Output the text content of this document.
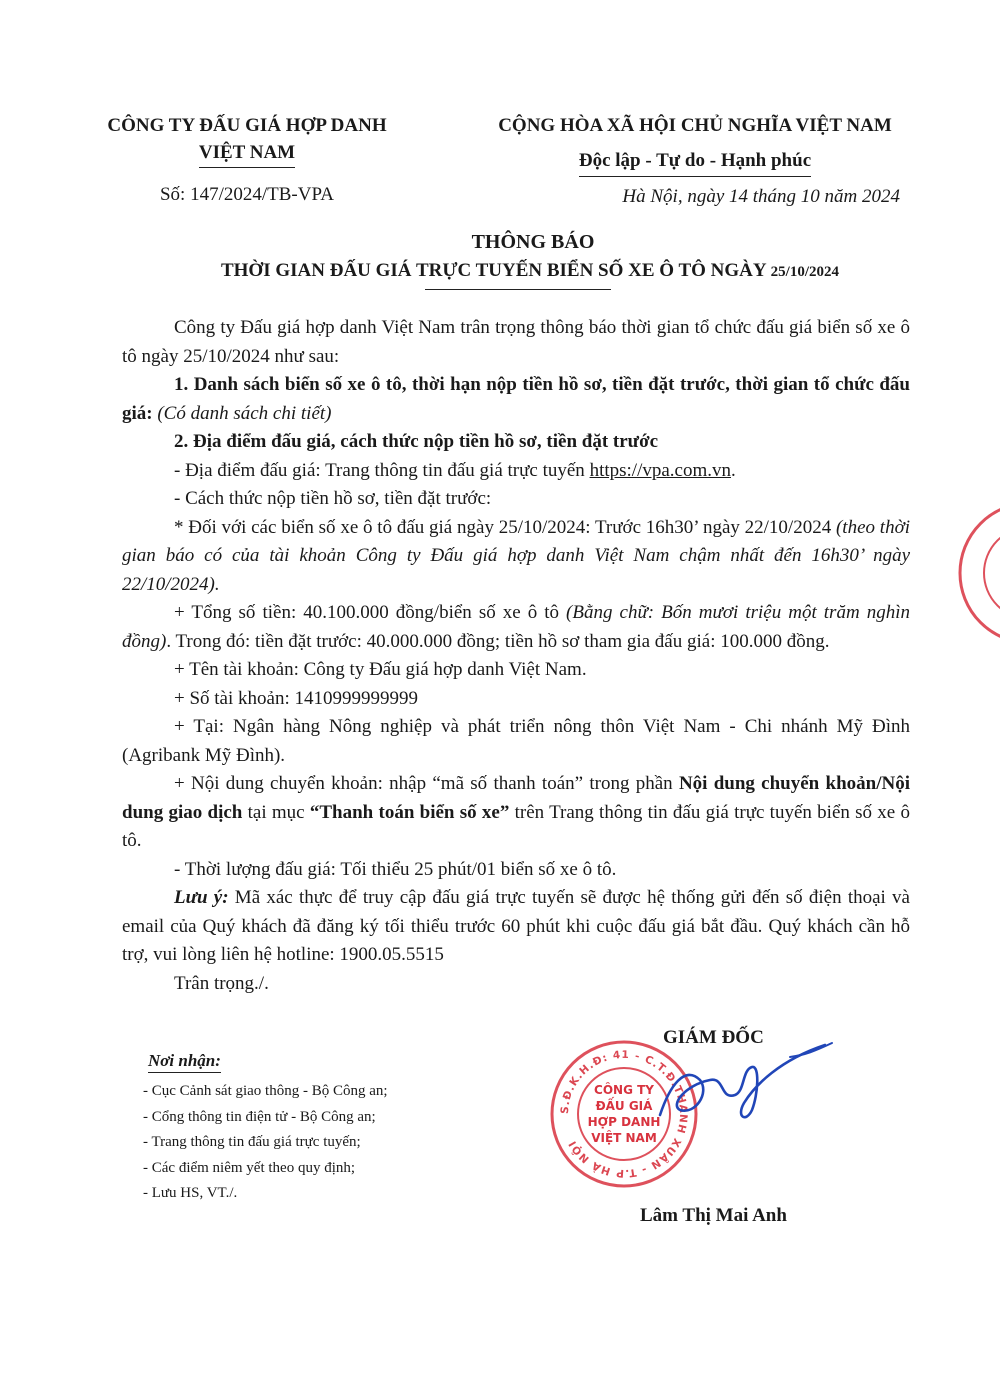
CÔNG TY ĐẤU GIÁ HỢP DANH
VIỆT NAM
CỘNG HÒA XÃ HỘI CHỦ NGHĨA VIỆT NAM
Độc lập - Tự do - Hạnh phúc
Số: 147/2024/TB-VPA	Hà Nội, ngày 14 tháng 10 năm 2024
THÔNG BÁO
THỜI GIAN ĐẤU GIÁ TRỰC TUYẾN BIỂN SỐ XE Ô TÔ NGÀY 25/10/2024

Công ty Đấu giá hợp danh Việt Nam trân trọng thông báo thời gian tổ chức đấu giá biển số xe ô tô ngày 25/10/2024 như sau:

1. Danh sách biển số xe ô tô, thời hạn nộp tiền hồ sơ, tiền đặt trước, thời gian tổ chức đấu giá: (Có danh sách chi tiết)

2. Địa điểm đấu giá, cách thức nộp tiền hồ sơ, tiền đặt trước

- Địa điểm đấu giá: Trang thông tin đấu giá trực tuyến https://vpa.com.vn.

- Cách thức nộp tiền hồ sơ, tiền đặt trước:

* Đối với các biển số xe ô tô đấu giá ngày 25/10/2024: Trước 16h30’ ngày 22/10/2024 (theo thời gian báo có của tài khoản Công ty Đấu giá hợp danh Việt Nam chậm nhất đến 16h30’ ngày 22/10/2024).

+ Tổng số tiền: 40.100.000 đồng/biển số xe ô tô (Bằng chữ: Bốn mươi triệu một trăm nghìn đồng). Trong đó: tiền đặt trước: 40.000.000 đồng; tiền hồ sơ tham gia đấu giá: 100.000 đồng.

+ Tên tài khoản: Công ty Đấu giá hợp danh Việt Nam.

+ Số tài khoản: 1410999999999

+ Tại: Ngân hàng Nông nghiệp và phát triển nông thôn Việt Nam - Chi nhánh Mỹ Đình (Agribank Mỹ Đình).

+ Nội dung chuyển khoản: nhập “mã số thanh toán” trong phần Nội dung chuyển khoản/Nội dung giao dịch tại mục “Thanh toán biển số xe” trên Trang thông tin đấu giá trực tuyến biển số xe ô tô.

- Thời lượng đấu giá: Tối thiểu 25 phút/01 biển số xe ô tô.

Lưu ý: Mã xác thực để truy cập đấu giá trực tuyến sẽ được hệ thống gửi đến số điện thoại và email của Quý khách đã đăng ký tối thiểu trước 60 phút khi cuộc đấu giá bắt đầu. Quý khách cần hỗ trợ, vui lòng liên hệ hotline: 1900.05.5515

Trân trọng./.

Nơi nhận:
- Cục Cảnh sát giao thông - Bộ Công an;
- Cổng thông tin điện tử - Bộ Công an;
- Trang thông tin đấu giá trực tuyến;
- Các điểm niêm yết theo quy định;
- Lưu HS, VT./.
S.Đ.K.H.Đ: 41 - C.T.Đ.THANH XUÂN - T.P HÀ NỘI
CÔNG TY
ĐẤU GIÁ
HỢP DANH
VIỆT NAM
GIÁM ĐỐC
Lâm Thị Mai Anh
